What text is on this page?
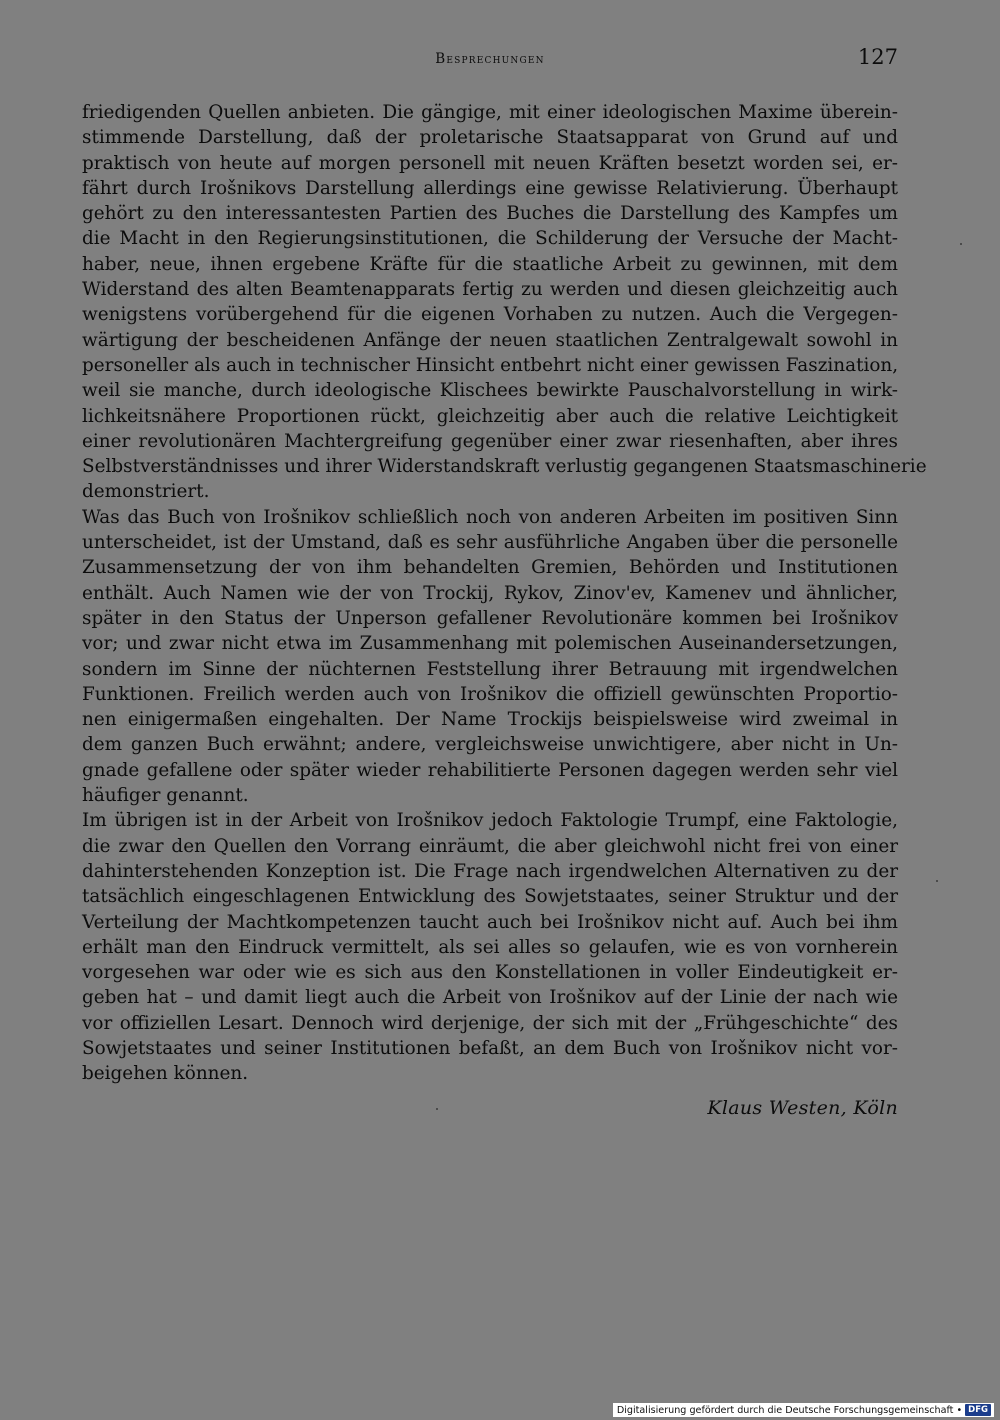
Besprechungen	127
friedigenden Quellen anbieten. Die gängige, mit einer ideologischen Maxime überein-
stimmende Darstellung, daß der proletarische Staatsapparat von Grund auf und
praktisch von heute auf morgen personell mit neuen Kräften besetzt worden sei, er-
fährt durch Irošnikovs Darstellung allerdings eine gewisse Relativierung. Überhaupt
gehört zu den interessantesten Partien des Buches die Darstellung des Kampfes um
die Macht in den Regierungsinstitutionen, die Schilderung der Versuche der Macht-
haber, neue, ihnen ergebene Kräfte für die staatliche Arbeit zu gewinnen, mit dem
Widerstand des alten Beamtenapparats fertig zu werden und diesen gleichzeitig auch
wenigstens vorübergehend für die eigenen Vorhaben zu nutzen. Auch die Vergegen-
wärtigung der bescheidenen Anfänge der neuen staatlichen Zentralgewalt sowohl in
personeller als auch in technischer Hinsicht entbehrt nicht einer gewissen Faszination,
weil sie manche, durch ideologische Klischees bewirkte Pauschalvorstellung in wirk-
lichkeitsnähere Proportionen rückt, gleichzeitig aber auch die relative Leichtigkeit
einer revolutionären Machtergreifung gegenüber einer zwar riesenhaften, aber ihres
Selbstverständnisses und ihrer Widerstandskraft verlustig gegangenen Staatsmaschinerie
demonstriert.
Was das Buch von Irošnikov schließlich noch von anderen Arbeiten im positiven Sinn
unterscheidet, ist der Umstand, daß es sehr ausführliche Angaben über die personelle
Zusammensetzung der von ihm behandelten Gremien, Behörden und Institutionen
enthält. Auch Namen wie der von Trockij, Rykov, Zinov'ev, Kamenev und ähnlicher,
später in den Status der Unperson gefallener Revolutionäre kommen bei Irošnikov
vor; und zwar nicht etwa im Zusammenhang mit polemischen Auseinandersetzungen,
sondern im Sinne der nüchternen Feststellung ihrer Betrauung mit irgendwelchen
Funktionen. Freilich werden auch von Irošnikov die offiziell gewünschten Proportio-
nen einigermaßen eingehalten. Der Name Trockijs beispielsweise wird zweimal in
dem ganzen Buch erwähnt; andere, vergleichsweise unwichtigere, aber nicht in Un-
gnade gefallene oder später wieder rehabilitierte Personen dagegen werden sehr viel
häufiger genannt.
Im übrigen ist in der Arbeit von Irošnikov jedoch Faktologie Trumpf, eine Faktologie,
die zwar den Quellen den Vorrang einräumt, die aber gleichwohl nicht frei von einer
dahinterstehenden Konzeption ist. Die Frage nach irgendwelchen Alternativen zu der
tatsächlich eingeschlagenen Entwicklung des Sowjetstaates, seiner Struktur und der
Verteilung der Machtkompetenzen taucht auch bei Irošnikov nicht auf. Auch bei ihm
erhält man den Eindruck vermittelt, als sei alles so gelaufen, wie es von vornherein
vorgesehen war oder wie es sich aus den Konstellationen in voller Eindeutigkeit er-
geben hat – und damit liegt auch die Arbeit von Irošnikov auf der Linie der nach wie
vor offiziellen Lesart. Dennoch wird derjenige, der sich mit der „Frühgeschichte“ des
Sowjetstaates und seiner Institutionen befaßt, an dem Buch von Irošnikov nicht vor-
beigehen können.
Klaus Westen, Köln
Digitalisierung gefördert durch die Deutsche Forschungsgemeinschaft • DFG
